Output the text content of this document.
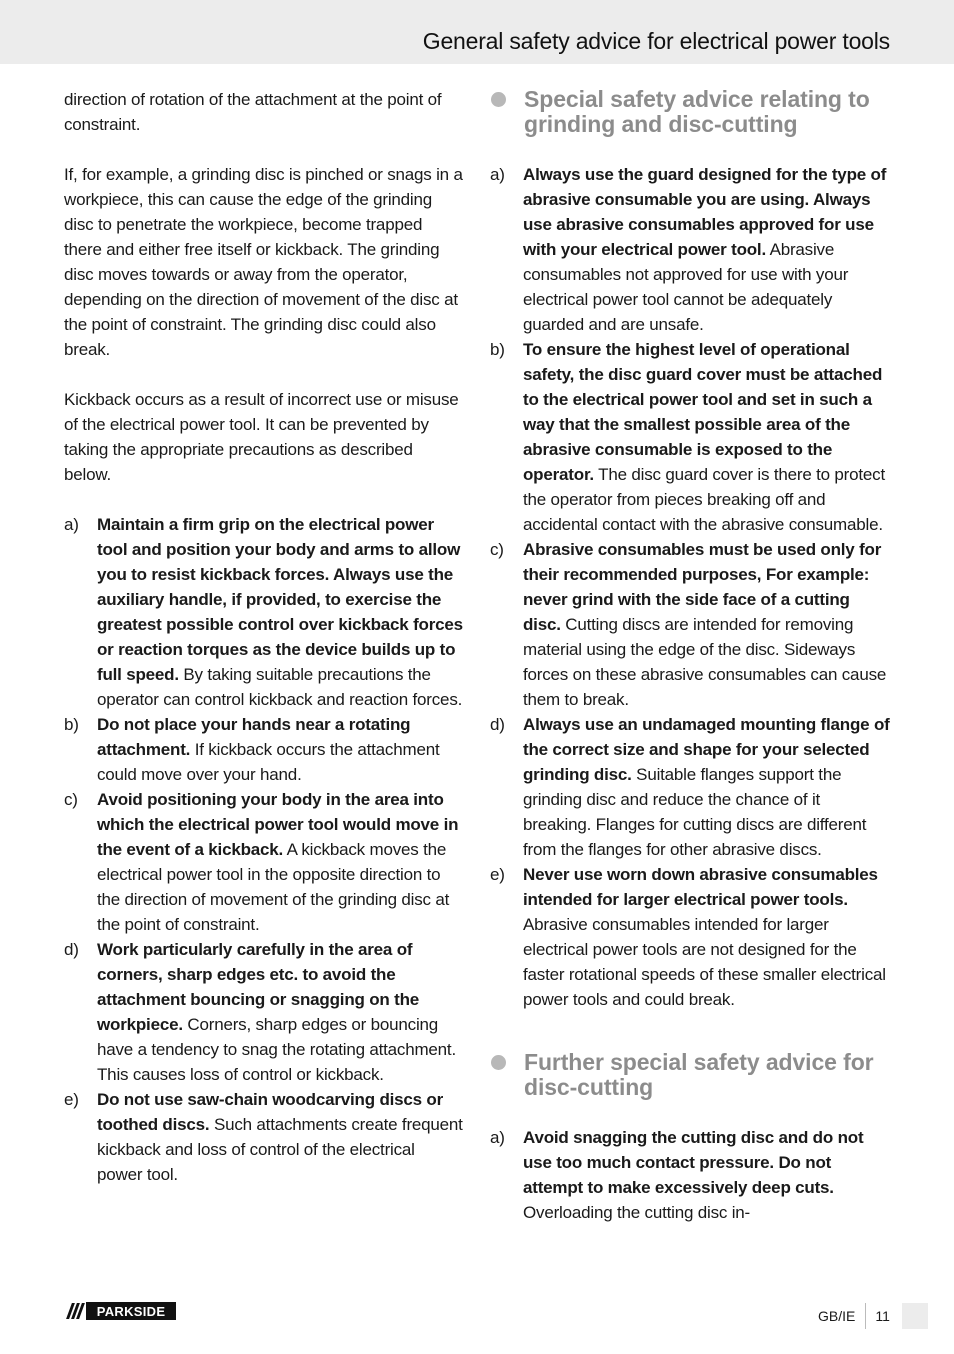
General safety advice for electrical power tools

direction of rotation of the attachment at the point of constraint.

If, for example, a grinding disc is pinched or snags in a workpiece, this can cause the edge of the grinding disc to penetrate the workpiece, become trapped there and either free itself or kickback. The grinding disc moves towards or away from the operator, depending on the direction of movement of the disc at the point of constraint. The grinding disc could also break.

Kickback occurs as a result of incorrect use or misuse of the electrical power tool. It can be prevented by taking the appropriate precautions as described below.

a)	Maintain a firm grip on the electrical power tool and position your body and arms to allow you to resist kickback forces. Always use the auxiliary handle, if provided, to exercise the greatest possible control over kickback forces or reaction torques as the device builds up to full speed. By taking suitable precautions the operator can control kickback and reaction forces.
b)	Do not place your hands near a rotating attachment. If kickback occurs the attachment could move over your hand.
c)	Avoid positioning your body in the area into which the electrical power tool would move in the event of a kickback. A kickback moves the electrical power tool in the opposite direction to the direction of movement of the grinding disc at the point of constraint.
d)	Work particularly carefully in the area of corners, sharp edges etc. to avoid the attachment bouncing or snagging on the workpiece. Corners, sharp edges or bouncing have a tendency to snag the rotating attachment. This causes loss of control or kickback.
e)	Do not use saw-chain woodcarving discs or toothed discs. Such attachments create frequent kickback and loss of control of the electrical power tool.
Special safety advice relating to grinding and disc-cutting
a)	Always use the guard designed for the type of abrasive consumable you are using. Always use abrasive consumables approved for use with your electrical power tool. Abrasive consumables not approved for use with your electrical power tool cannot be adequately guarded and are unsafe.
b)	To ensure the highest level of operational safety, the disc guard cover must be attached to the electrical power tool and set in such a way that the smallest possible area of the abrasive consumable is exposed to the operator. The disc guard cover is there to protect the operator from pieces breaking off and accidental contact with the abrasive consumable.
c)	Abrasive consumables must be used only for their recommended purposes, For example: never grind with the side face of a cutting disc. Cutting discs are intended for removing material using the edge of the disc. Sideways forces on these abrasive consumables can cause them to break.
d)	Always use an undamaged mounting flange of the correct size and shape for your selected grinding disc. Suitable flanges support the grinding disc and reduce the chance of it breaking. Flanges for cutting discs are different from the flanges for other abrasive discs.
e)	Never use worn down abrasive consumables intended for larger electrical power tools. Abrasive consumables intended for larger electrical power tools are not designed for the faster rotational speeds of these smaller electrical power tools and could break.
Further special safety advice for disc-cutting
a)	Avoid snagging the cutting disc and do not use too much contact pressure. Do not attempt to make excessively deep cuts. Overloading the cutting disc in-
PARKSIDE	GB/IE 11
